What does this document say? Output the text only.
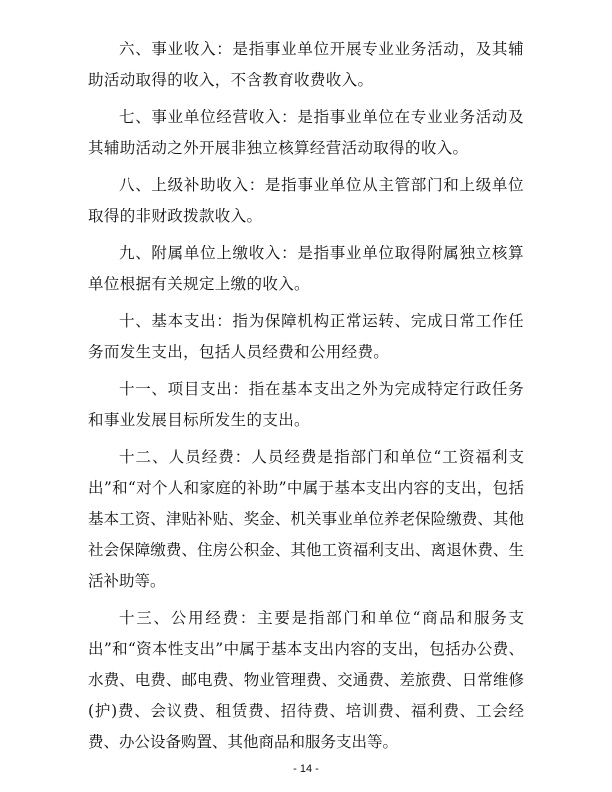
六、事业收入：是指事业单位开展专业业务活动，及其辅助活动取得的收入，不含教育收费收入。

七、事业单位经营收入：是指事业单位在专业业务活动及其辅助活动之外开展非独立核算经营活动取得的收入。

八、上级补助收入：是指事业单位从主管部门和上级单位取得的非财政拨款收入。

九、附属单位上缴收入：是指事业单位取得附属独立核算单位根据有关规定上缴的收入。

十、基本支出：指为保障机构正常运转、完成日常工作任务而发生支出，包括人员经费和公用经费。

十一、项目支出：指在基本支出之外为完成特定行政任务和事业发展目标所发生的支出。

十二、人员经费：人员经费是指部门和单位“工资福利支出”和“对个人和家庭的补助”中属于基本支出内容的支出，包括基本工资、津贴补贴、奖金、机关事业单位养老保险缴费、其他社会保障缴费、住房公积金、其他工资福利支出、离退休费、生活补助等。

十三、公用经费：主要是指部门和单位“商品和服务支出”和“资本性支出”中属于基本支出内容的支出，包括办公费、水费、电费、邮电费、物业管理费、交通费、差旅费、日常维修(护)费、会议费、租赁费、招待费、培训费、福利费、工会经费、办公设备购置、其他商品和服务支出等。

- 14 -
